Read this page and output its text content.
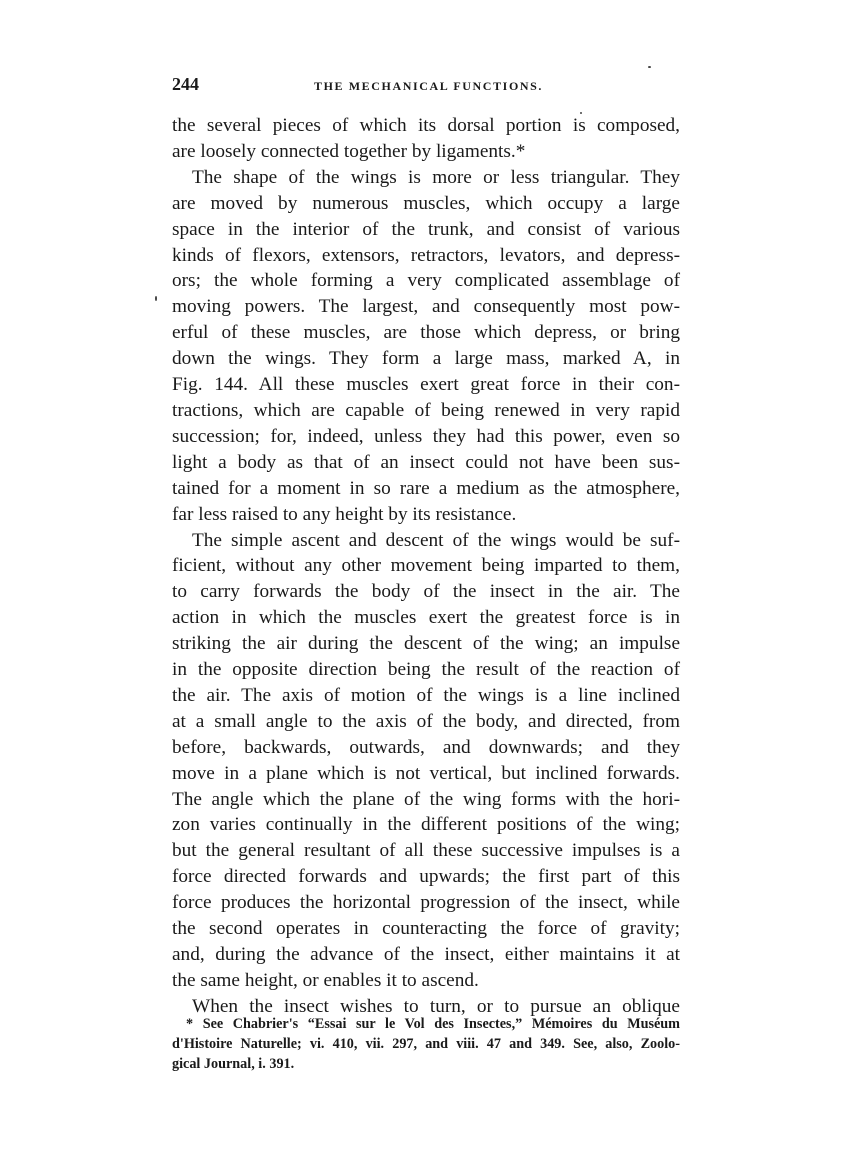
244	THE MECHANICAL FUNCTIONS.
the several pieces of which its dorsal portion is composed,
are loosely connected together by ligaments.*
The shape of the wings is more or less triangular. They
are moved by numerous muscles, which occupy a large
space in the interior of the trunk, and consist of various
kinds of flexors, extensors, retractors, levators, and depress-
ors; the whole forming a very complicated assemblage of
moving powers. The largest, and consequently most pow-
erful of these muscles, are those which depress, or bring
down the wings. They form a large mass, marked A, in
Fig. 144. All these muscles exert great force in their con-
tractions, which are capable of being renewed in very rapid
succession; for, indeed, unless they had this power, even so
light a body as that of an insect could not have been sus-
tained for a moment in so rare a medium as the atmosphere,
far less raised to any height by its resistance.
The simple ascent and descent of the wings would be suf-
ficient, without any other movement being imparted to them,
to carry forwards the body of the insect in the air. The
action in which the muscles exert the greatest force is in
striking the air during the descent of the wing; an impulse
in the opposite direction being the result of the reaction of
the air. The axis of motion of the wings is a line inclined
at a small angle to the axis of the body, and directed, from
before, backwards, outwards, and downwards; and they
move in a plane which is not vertical, but inclined forwards.
The angle which the plane of the wing forms with the hori-
zon varies continually in the different positions of the wing;
but the general resultant of all these successive impulses is a
force directed forwards and upwards; the first part of this
force produces the horizontal progression of the insect, while
the second operates in counteracting the force of gravity;
and, during the advance of the insect, either maintains it at
the same height, or enables it to ascend.
When the insect wishes to turn, or to pursue an oblique
* See Chabrier's “Essai sur le Vol des Insectes,” Mémoires du Muséum
d'Histoire Naturelle; vi. 410, vii. 297, and viii. 47 and 349. See, also, Zoolo-
gical Journal, i. 391.
